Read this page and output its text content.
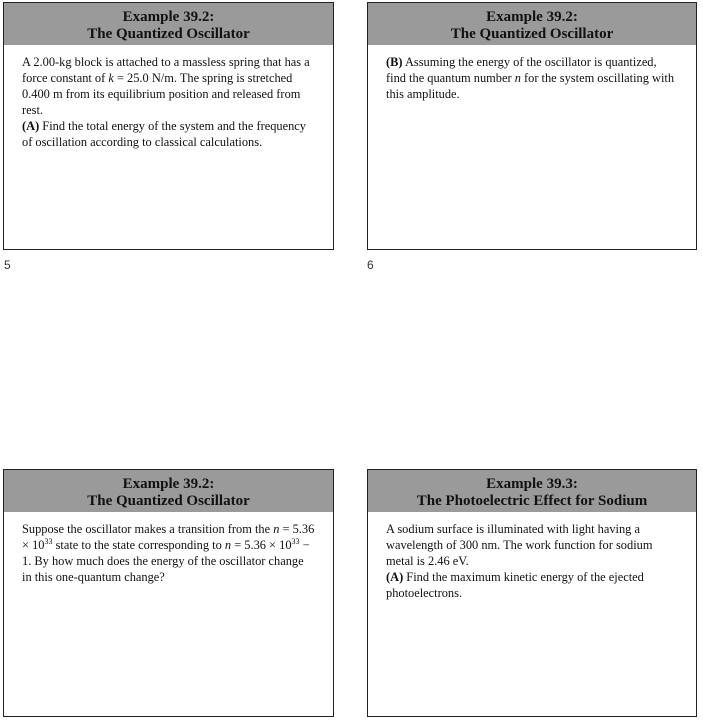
Example 39.2:
The Quantized Oscillator

A 2.00-kg block is attached to a massless spring that has a force constant of k = 25.0 N/m. The spring is stretched 0.400 m from its equilibrium position and released from rest.

(A) Find the total energy of the system and the frequency of oscillation according to classical calculations.

Example 39.2:
The Quantized Oscillator

(B) Assuming the energy of the oscillator is quantized, find the quantum number n for the system oscillating with this amplitude.

5	6
Example 39.2:
The Quantized Oscillator

Suppose the oscillator makes a transition from the $n = 5.36 \times 10^{33}$ state to the state corresponding to $n = 5.36 \times 10^{33} - 1$. By how much does the energy of the oscillator change in this one-quantum change?

Example 39.3:
The Photoelectric Effect for Sodium

A sodium surface is illuminated with light having a wavelength of 300 nm. The work function for sodium metal is 2.46 eV.

(A) Find the maximum kinetic energy of the ejected photoelectrons.
